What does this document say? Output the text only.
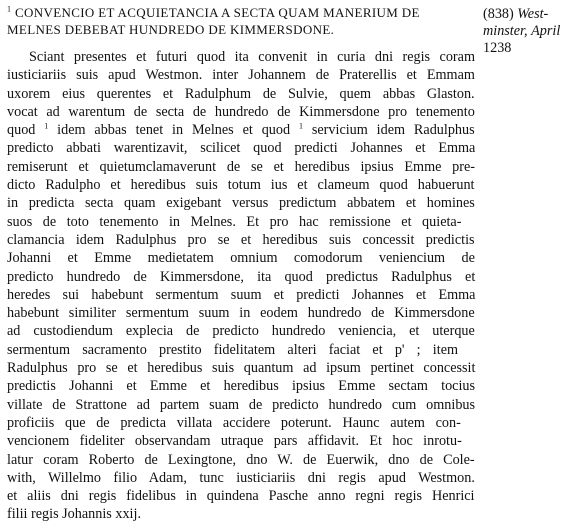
$^1$ CONVENCIO ET ACQUIETANCIA A SECTA QUAM MANERIUM DE
MELNES DEBEBAT HUNDREDO DE KIMMERSDONE.
Sciant presentes et futuri quod ita convenit in curia dni regis coram
iusticiariis suis apud Westmon. inter Johannem de Praterellis et Emmam
uxorem eius querentes et Radulphum de Sulvie, quem abbas Glaston.
vocat ad warentum de secta de hundredo de Kimmersdone pro tenemento
quod $^1$ idem abbas tenet in Melnes et quod $^1$ servicium idem Radulphus
predicto abbati warentizavit, scilicet quod predicti Johannes et Emma
remiserunt et quietumclamaverunt de se et heredibus ipsius Emme pre-
dicto Radulpho et heredibus suis totum ius et clameum quod habuerunt
in predicta secta quam exigebant versus predictum abbatem et homines
suos de toto tenemento in Melnes. Et pro hac remissione et quieta-
clamancia idem Radulphus pro se et heredibus suis concessit predictis
Johanni et Emme medietatem omnium comodorum veniencium de
predicto hundredo de Kimmersdone, ita quod predictus Radulphus et
heredes sui habebunt sermentum suum et predicti Johannes et Emma
habebunt similiter sermentum suum in eodem hundredo de Kimmersdone
ad custodiendum explecia de predicto hundredo veniencia, et uterque
sermentum sacramento prestito fidelitatem alteri faciat et p' ; item
Radulphus pro se et heredibus suis quantum ad ipsum pertinet concessit
predictis Johanni et Emme et heredibus ipsius Emme sectam tocius
villate de Strattone ad partem suam de predicto hundredo cum omnibus
proficiis que de predicta villata accidere poterunt. Haunc autem con-
vencionem fideliter observandam utraque pars affidavit. Et hoc inrotu-
latur coram Roberto de Lexingtone, dno W. de Euerwik, dno de Cole-
with, Willelmo filio Adam, tunc iusticiariis dni regis apud Westmon.
et aliis dni regis fidelibus in quindena Pasche anno regni regis Henrici
filii regis Johannis xxij.
(838) West-
minster, April
1238
